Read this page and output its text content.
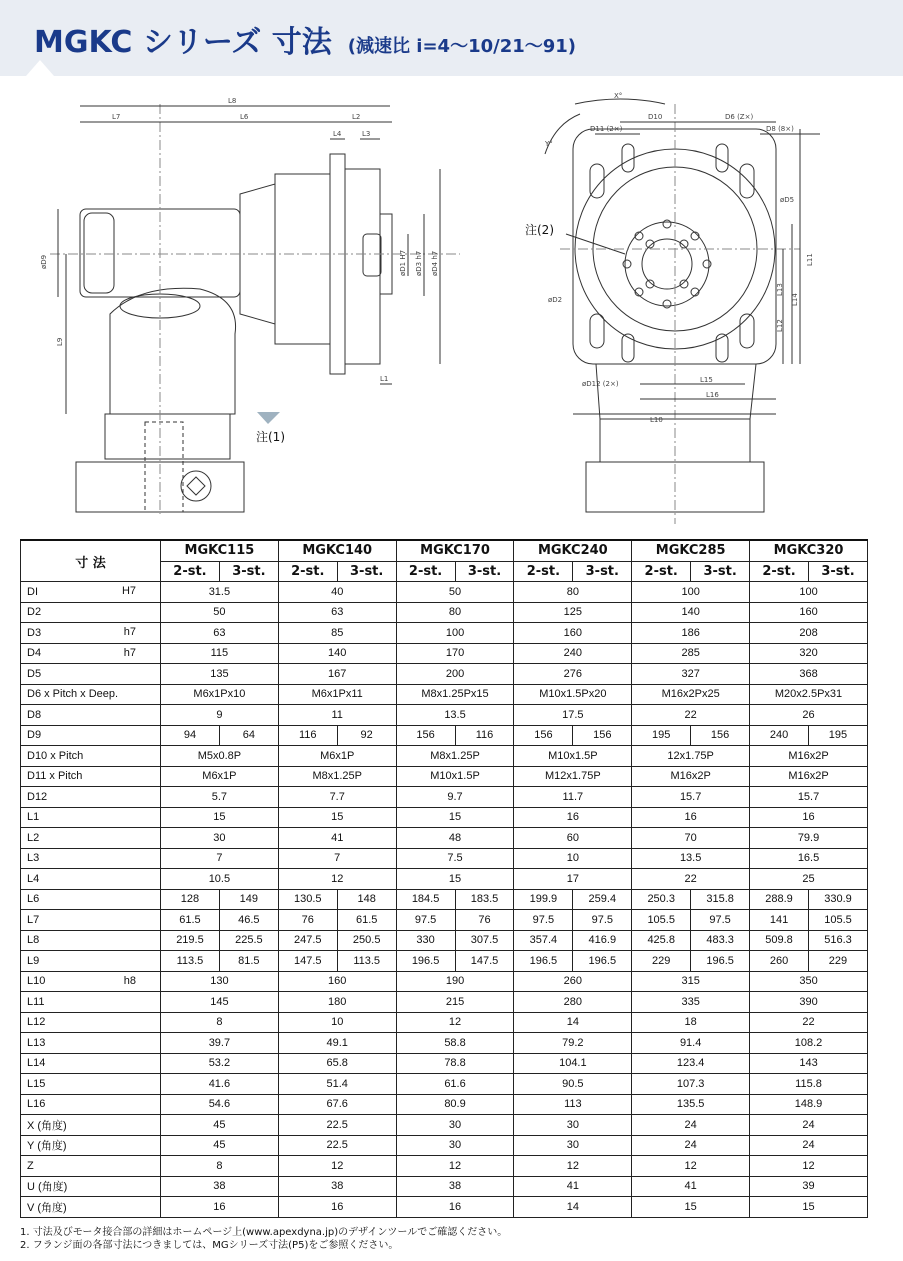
MGKC シリーズ 寸法 (減速比 i=4〜10/21〜91)
L8
L7	L6	L2
L4	L3
L1
øD9
L9
øD1 H7 øD3 h7 øD4 h7
D10	D6 (Z×)
D8 (8×)
D11 (2×)
øD5
øD2
øD12 (2×)
L11
L13
L14
L12
L15
L16
L10
X°
Y°
注(1)
注(2)
寸 法	MGKC115		MGKC140		MGKC170		MGKC240		MGKC285		MGKC320	
	2-st.	3-st.	2-st.	3-st.	2-st.	3-st.	2-st.	3-st.	2-st.	3-st.	2-st.	3-st.
DI H7	31.5		40		50		80		100		100	
D2	50		63		80		125		140		160	
D3 h7	63		85		100		160		186		208	
D4 h7	115		140		170		240		285		320	
D5	135		167		200		276		327		368	
D6 x Pitch x Deep.	M6x1Px10		M6x1Px11		M8x1.25Px15		M10x1.5Px20		M16x2Px25		M20x2.5Px31	
D8	9		11		13.5		17.5		22		26	
D9	94	64	116	92	156	116	156	156	195	156	240	195
D10 x Pitch	M5x0.8P		M6x1P		M8x1.25P		M10x1.5P		12x1.75P		M16x2P	
D11 x Pitch	M6x1P		M8x1.25P		M10x1.5P		M12x1.75P		M16x2P		M16x2P	
D12	5.7		7.7		9.7		11.7		15.7		15.7	
L1	15		15		15		16		16		16	
L2	30		41		48		60		70		79.9	
L3	7		7		7.5		10		13.5		16.5	
L4	10.5		12		15		17		22		25	
L6	128	149	130.5	148	184.5	183.5	199.9	259.4	250.3	315.8	288.9	330.9
L7	61.5	46.5	76	61.5	97.5	76	97.5	97.5	105.5	97.5	141	105.5
L8	219.5	225.5	247.5	250.5	330	307.5	357.4	416.9	425.8	483.3	509.8	516.3
L9	113.5	81.5	147.5	113.5	196.5	147.5	196.5	196.5	229	196.5	260	229
L10 h8	130		160		190		260		315		350	
L11	145		180		215		280		335		390	
L12	8		10		12		14		18		22	
L13	39.7		49.1		58.8		79.2		91.4		108.2	
L14	53.2		65.8		78.8		104.1		123.4		143	
L15	41.6		51.4		61.6		90.5		107.3		115.8	
L16	54.6		67.6		80.9		113		135.5		148.9	
X (角度)	45		22.5		30		30		24		24	
Y (角度)	45		22.5		30		30		24		24	
Z	8		12		12		12		12		12	
U (角度)	38		38		38		41		41		39	
V (角度)	16		16		16		14		15		15	
1. 寸法及びモータ接合部の詳細はホームページ上(www.apexdyna.jp)のデザインツールでご確認ください。
2. フランジ面の各部寸法につきましては、MGシリーズ寸法(P5)をご参照ください。
